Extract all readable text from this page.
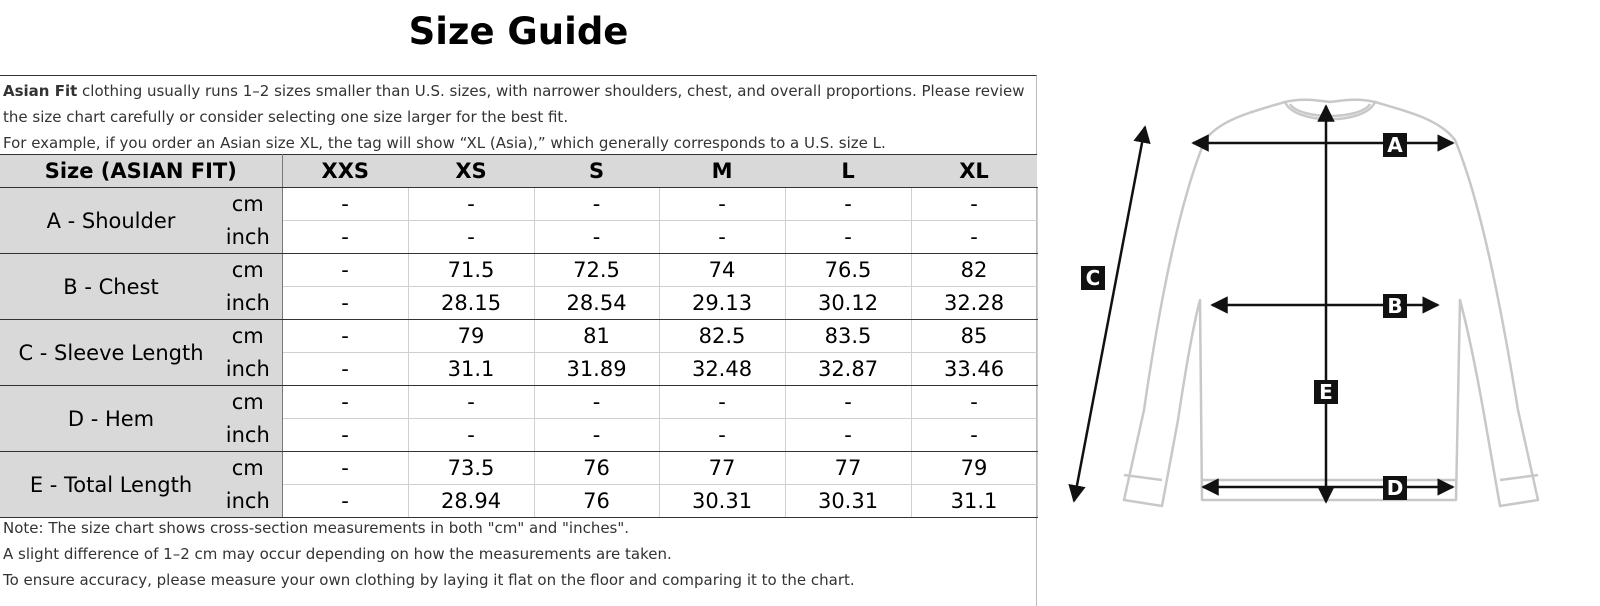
Size Guide
Asian Fit clothing usually runs 1–2 sizes smaller than U.S. sizes, with narrower shoulders, chest, and overall proportions. Please review the size chart carefully or consider selecting one size larger for the best fit.
For example, if you order an Asian size XL, the tag will show “XL (Asia),” which generally corresponds to a U.S. size L.
Size (ASIAN FIT)		XXS	XS	S	M	L	XL
A - Shoulder	cm	-	-	-	-	-	-
	inch	-	-	-	-	-	-
B - Chest	cm	-	71.5	72.5	74	76.5	82
	inch	-	28.15	28.54	29.13	30.12	32.28
C - Sleeve Length	cm	-	79	81	82.5	83.5	85
	inch	-	31.1	31.89	32.48	32.87	33.46
D - Hem	cm	-	-	-	-	-	-
	inch	-	-	-	-	-	-
E - Total Length	cm	-	73.5	76	77	77	79
	inch	-	28.94	76	30.31	30.31	31.1
Note: The size chart shows cross-section measurements in both "cm" and "inches".
A slight difference of 1–2 cm may occur depending on how the measurements are taken.
To ensure accuracy, please measure your own clothing by laying it flat on the floor and comparing it to the chart.
A
B
C
D
E
